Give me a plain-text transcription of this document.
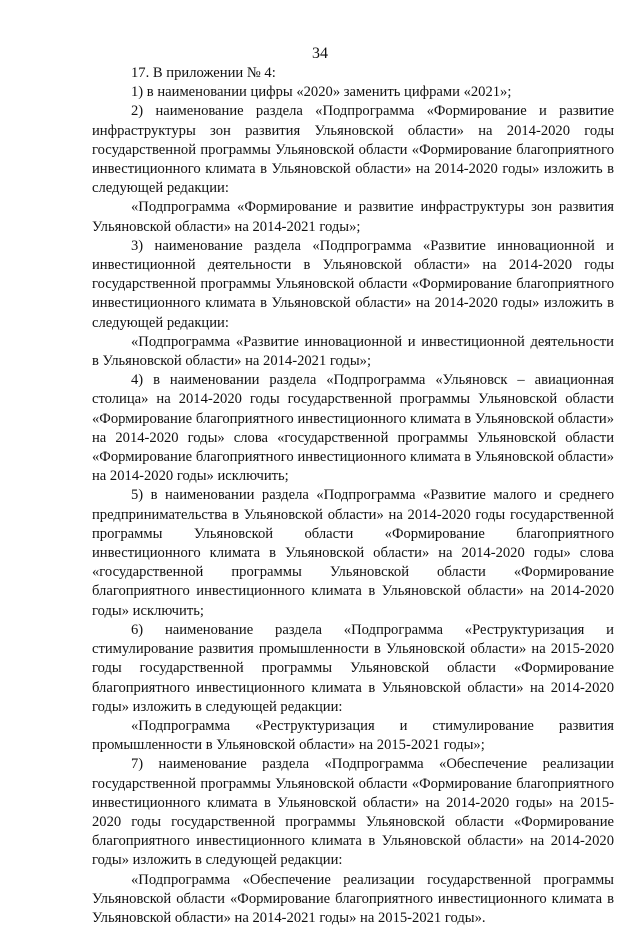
34

17. В приложении № 4:

1) в наименовании цифры «2020» заменить цифрами «2021»;

2) наименование раздела «Подпрограмма «Формирование и развитие инфраструктуры зон развития Ульяновской области» на 2014-2020 годы государственной программы Ульяновской области «Формирование благоприятного инвестиционного климата в Ульяновской области» на 2014-2020 годы» изложить в следующей редакции:

«Подпрограмма «Формирование и развитие инфраструктуры зон развития Ульяновской области» на 2014-2021 годы»;

3) наименование раздела «Подпрограмма «Развитие инновационной и инвестиционной деятельности в Ульяновской области» на 2014-2020 годы государственной программы Ульяновской области «Формирование благоприятного инвестиционного климата в Ульяновской области» на 2014-2020 годы» изложить в следующей редакции:

«Подпрограмма «Развитие инновационной и инвестиционной деятельности в Ульяновской области» на 2014-2021 годы»;

4) в наименовании раздела «Подпрограмма «Ульяновск – авиационная столица» на 2014-2020 годы государственной программы Ульяновской области «Формирование благоприятного инвестиционного климата в Ульяновской области» на 2014-2020 годы» слова «государственной программы Ульяновской области «Формирование благоприятного инвестиционного климата в Ульяновской области» на 2014-2020 годы» исключить;

5) в наименовании раздела «Подпрограмма «Развитие малого и среднего предпринимательства в Ульяновской области» на 2014-2020 годы государственной программы Ульяновской области «Формирование благоприятного инвестиционного климата в Ульяновской области» на 2014-2020 годы» слова «государственной программы Ульяновской области «Формирование благоприятного инвестиционного климата в Ульяновской области» на 2014-2020 годы» исключить;

6) наименование раздела «Подпрограмма «Реструктуризация и стимулирование развития промышленности в Ульяновской области» на 2015-2020 годы государственной программы Ульяновской области «Формирование благоприятного инвестиционного климата в Ульяновской области» на 2014-2020 годы» изложить в следующей редакции:

«Подпрограмма «Реструктуризация и стимулирование развития промышленности в Ульяновской области» на 2015-2021 годы»;

7) наименование раздела «Подпрограмма «Обеспечение реализации государственной программы Ульяновской области «Формирование благоприятного инвестиционного климата в Ульяновской области» на 2014-2020 годы» на 2015-2020 годы государственной программы Ульяновской области «Формирование благоприятного инвестиционного климата в Ульяновской области» на 2014-2020 годы» изложить в следующей редакции:

«Подпрограмма «Обеспечение реализации государственной программы Ульяновской области «Формирование благоприятного инвестиционного климата в Ульяновской области» на 2014-2021 годы» на 2015-2021 годы».
